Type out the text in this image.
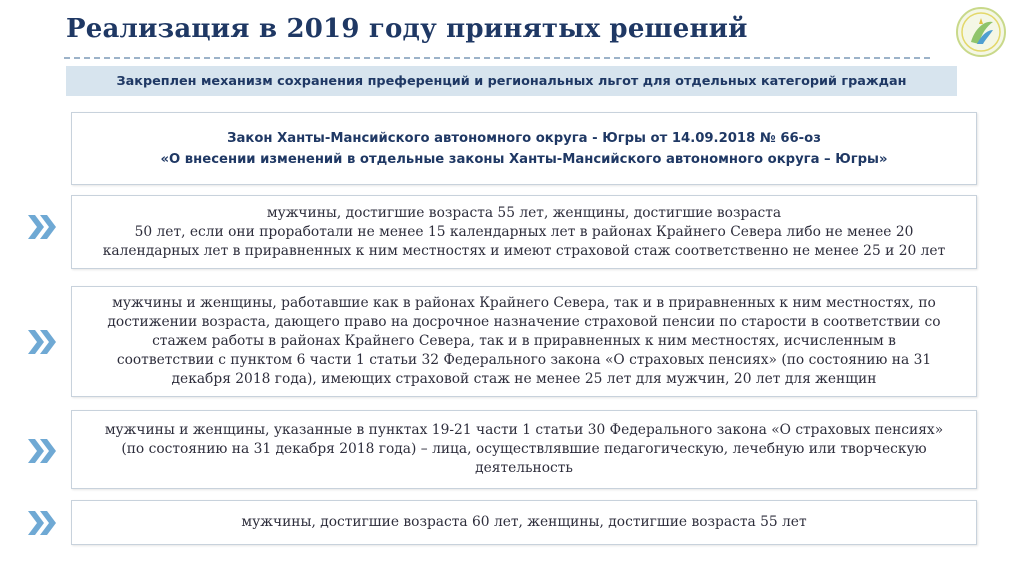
Реализация в 2019 году принятых решений
Закреплен механизм сохранения преференций и региональных льгот для отдельных категорий граждан
Закон Ханты-Мансийского автономного округа - Югры от 14.09.2018 № 66-оз
«О внесении изменений в отдельные законы Ханты-Мансийского автономного округа – Югры»
мужчины, достигшие возраста 55 лет, женщины, достигшие возраста
50 лет, если они проработали не менее 15 календарных лет в районах Крайнего Севера либо не менее 20
календарных лет в приравненных к ним местностях и имеют страховой стаж соответственно не менее 25 и 20 лет
мужчины и женщины, работавшие как в районах Крайнего Севера, так и в приравненных к ним местностях, по
достижении возраста, дающего право на досрочное назначение страховой пенсии по старости в соответствии со
стажем работы в районах Крайнего Севера, так и в приравненных к ним местностях, исчисленным в
соответствии с пунктом 6 части 1 статьи 32 Федерального закона «О страховых пенсиях» (по состоянию на 31
декабря 2018 года), имеющих страховой стаж не менее 25 лет для мужчин, 20 лет для женщин
мужчины и женщины, указанные в пунктах 19-21 части 1 статьи 30 Федерального закона «О страховых пенсиях»
(по состоянию на 31 декабря 2018 года) – лица, осуществлявшие педагогическую, лечебную или творческую
деятельность
мужчины, достигшие возраста 60 лет, женщины, достигшие возраста 55 лет
